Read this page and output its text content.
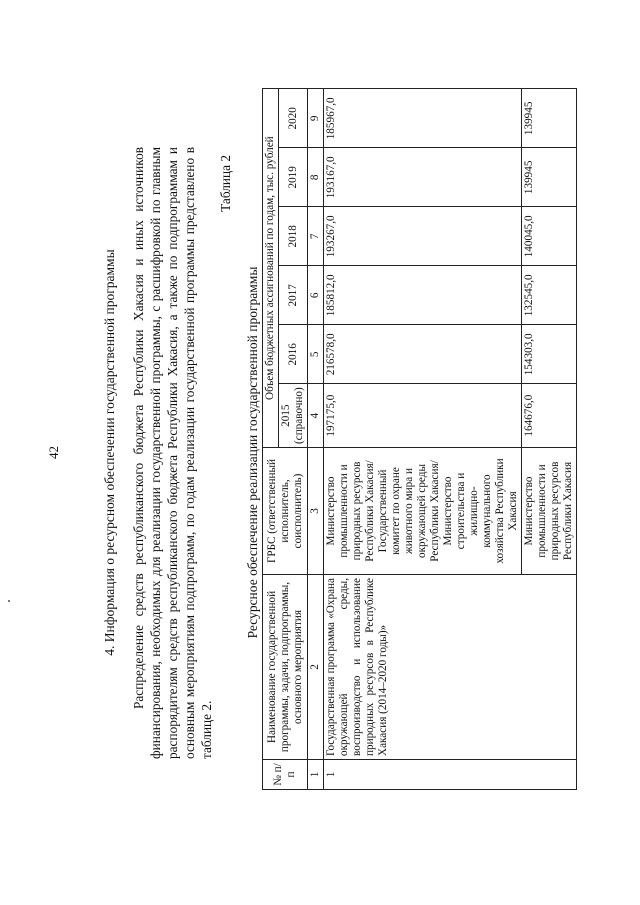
42	4. Информация о ресурсном обеспечении государственной программы Распределение средств республиканского бюджета Республики Хакасия и иных источников финансирования, необходимых для реализации государственной программы, с расшифровкой по главным распорядителям средств республиканского бюджета Республики Хакасия, а также по подпрограммам и основным мероприятиям подпрограмм, по годам реализации государственной программы представлено в таблице 2.

Таблица 2
Ресурсное обеспечение реализации государственной программы
№ п/п	Наименование государственной программы, задачи, подпрограммы, основного мероприятия	ГРБС (ответственный исполнитель, соисполнитель)	Объем бюджетных ассигнований по годам, тыс. рублей					
			2015 (справочно)	2016	2017	2018	2019	2020
1	2	3	4	5	6	7	8	9
1	Государственная программа «Охрана окружающей среды, воспроизводство и использование природных ресурсов в Республике Хакасия (2014–2020 годы)»	Министерство промышленности и природных ресурсов Республики Хакасия/ Государственный комитет по охране животного мира и окружающей среды Республики Хакасия/ Министерство строительства и жилищно-коммунального хозяйства Республики Хакасия	197175,0	216578,0	185812,0	193267,0	193167,0	185967,0
		Министерство промышленности и природных ресурсов Республики Хакасия	164676,0	154303,0	132545,0	140045,0	139945	139945
